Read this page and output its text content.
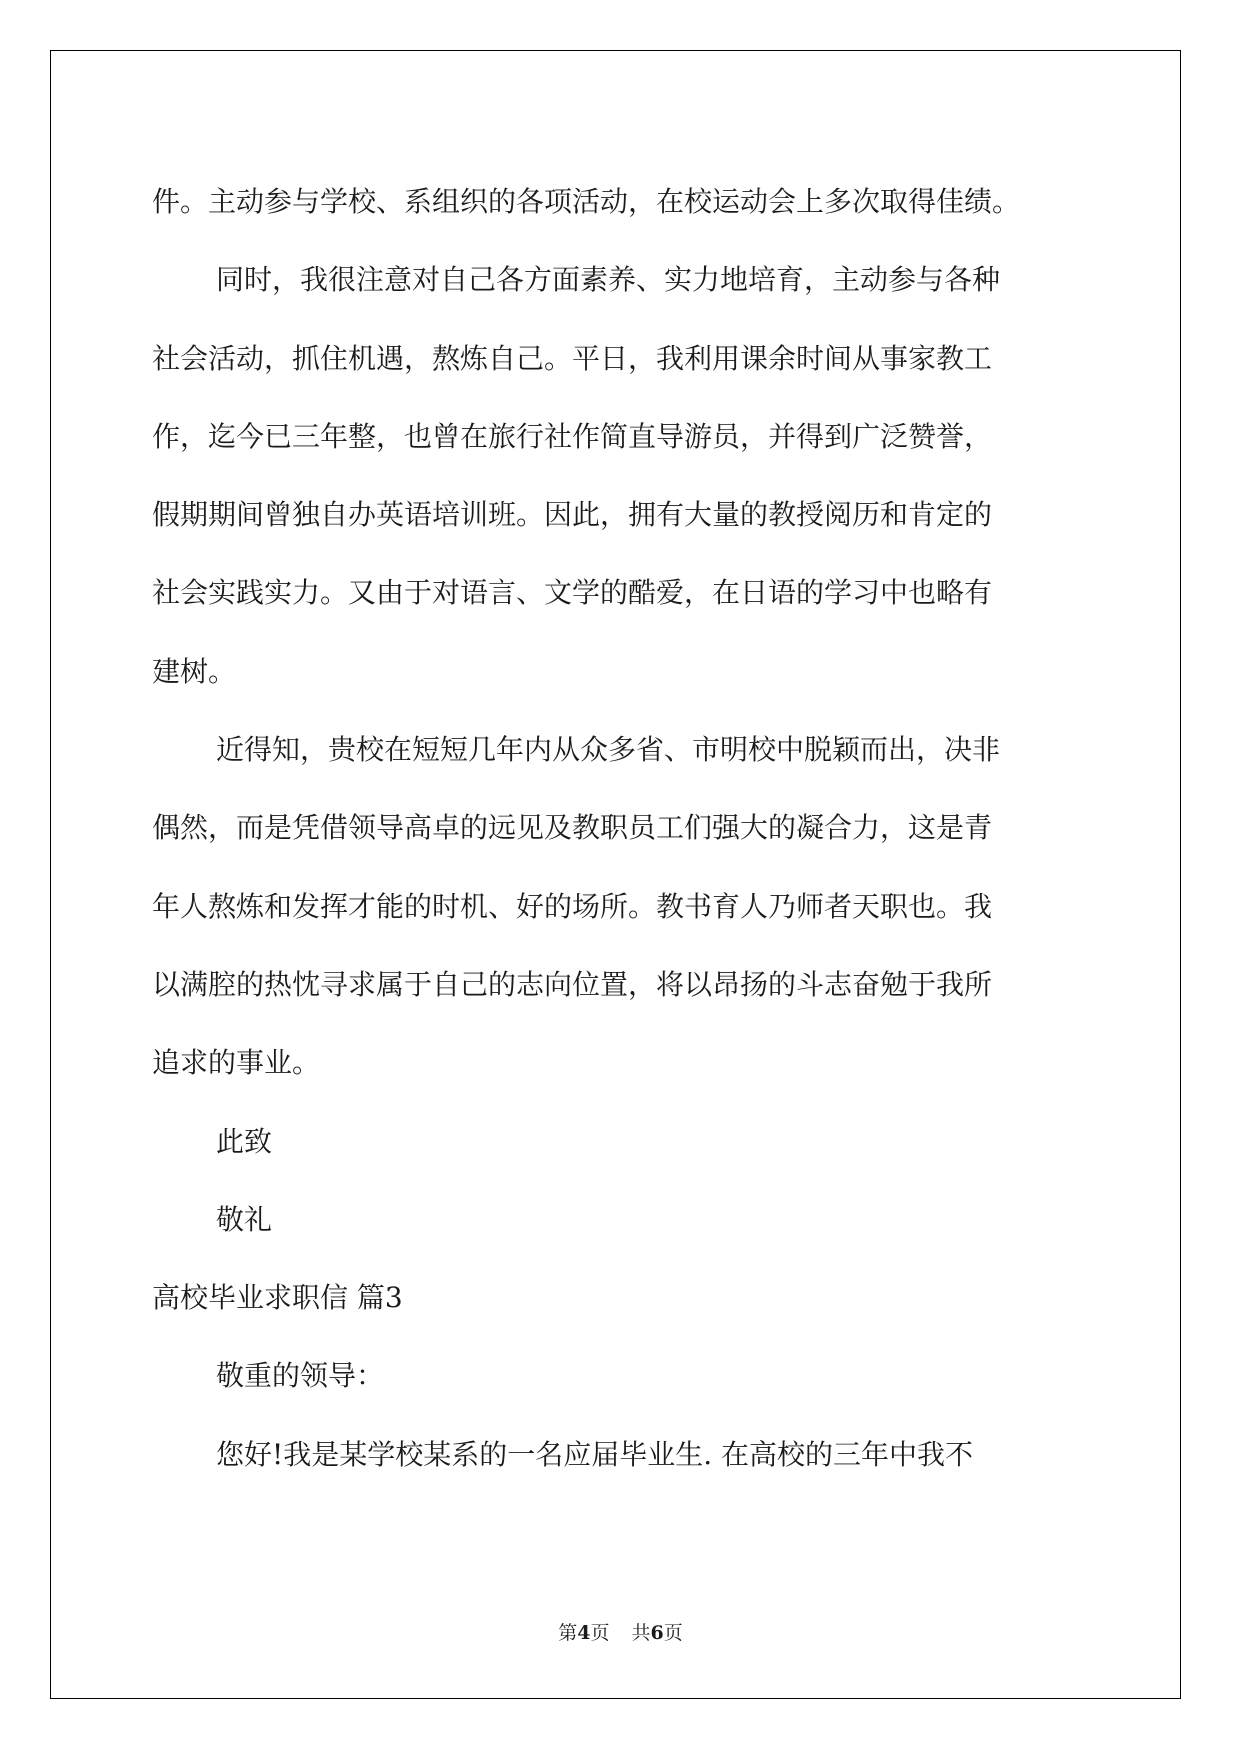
件。主动参与学校、系组织的各项活动，在校运动会上多次取得佳绩。
同时，我很注意对自己各方面素养、实力地培育，主动参与各种
社会活动，抓住机遇，熬炼自己。平日，我利用课余时间从事家教工
作，迄今已三年整，也曾在旅行社作简直导游员，并得到广泛赞誉，
假期期间曾独自办英语培训班。因此，拥有大量的教授阅历和肯定的
社会实践实力。又由于对语言、文学的酷爱，在日语的学习中也略有
建树。
近得知，贵校在短短几年内从众多省、市明校中脱颖而出，决非
偶然，而是凭借领导高卓的远见及教职员工们强大的凝合力，这是青
年人熬炼和发挥才能的时机、好的场所。教书育人乃师者天职也。我
以满腔的热忱寻求属于自己的志向位置，将以昂扬的斗志奋勉于我所
追求的事业。
此致
敬礼
高校毕业求职信 篇3
敬重的领导：
您好!我是某学校某系的一名应届毕业生. 在高校的三年中我不
第4页 共6页
